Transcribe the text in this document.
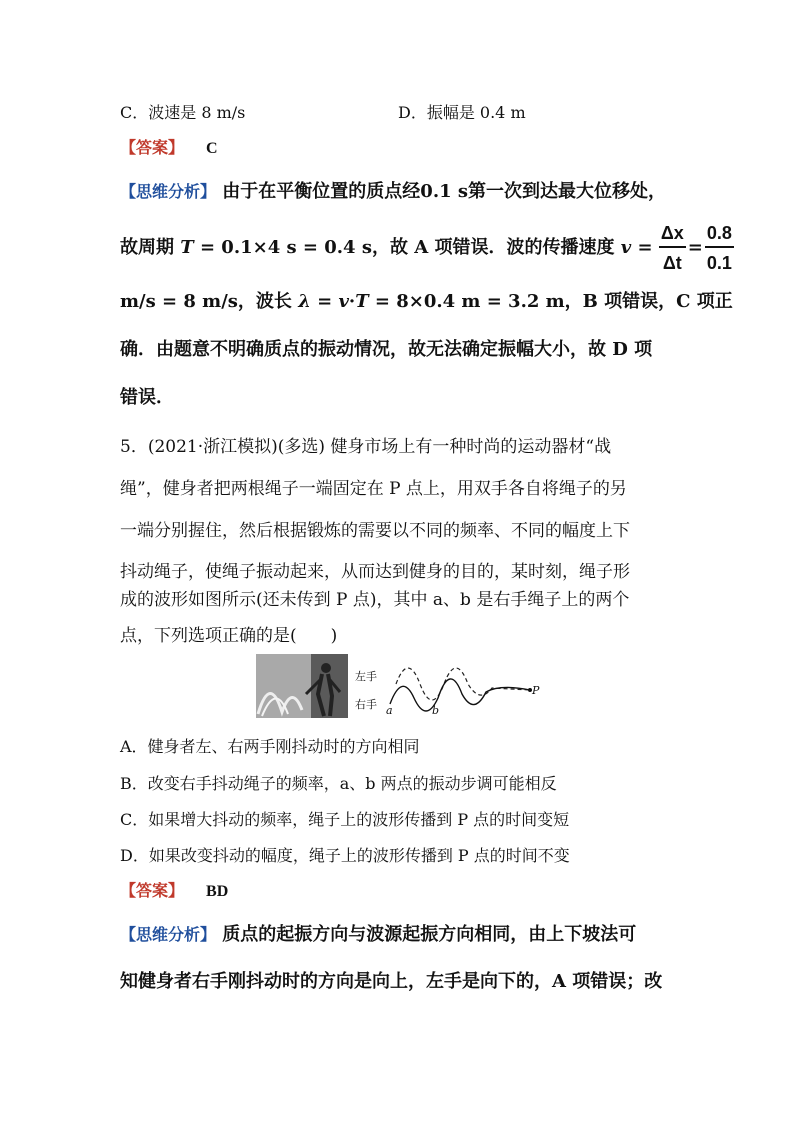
C．波速是 8 m/s	D．振幅是 0.4 m
【答案】 C
【思维分析】 由于在平衡位置的质点经0.1 s第一次到达最大位移处，
故周期 T = 0.1×4 s = 0.4 s，故 A 项错误．波的传播速度 $v = \frac{\Delta x}{\Delta t} = \frac{0.8}{0.1}$
m/s = 8 m/s，波长 λ = v·T = 8×0.4 m = 3.2 m，B 项错误，C 项正
确．由题意不明确质点的振动情况，故无法确定振幅大小，故 D 项
错误．
5．(2021·浙江模拟)(多选) 健身市场上有一种时尚的运动器材“战
绳”，健身者把两根绳子一端固定在 P 点上，用双手各自将绳子的另
一端分别握住，然后根据锻炼的需要以不同的频率、不同的幅度上下
抖动绳子，使绳子振动起来，从而达到健身的目的，某时刻，绳子形
成的波形如图所示(还未传到 P 点)，其中 a、b 是右手绳子上的两个
点，下列选项正确的是(　　)
左手
右手 a	b
P
A．健身者左、右两手刚抖动时的方向相同
B．改变右手抖动绳子的频率，a、b 两点的振动步调可能相反
C．如果增大抖动的频率，绳子上的波形传播到 P 点的时间变短
D．如果改变抖动的幅度，绳子上的波形传播到 P 点的时间不变
【答案】 BD
【思维分析】 质点的起振方向与波源起振方向相同，由上下坡法可
知健身者右手刚抖动时的方向是向上，左手是向下的，A 项错误；改
